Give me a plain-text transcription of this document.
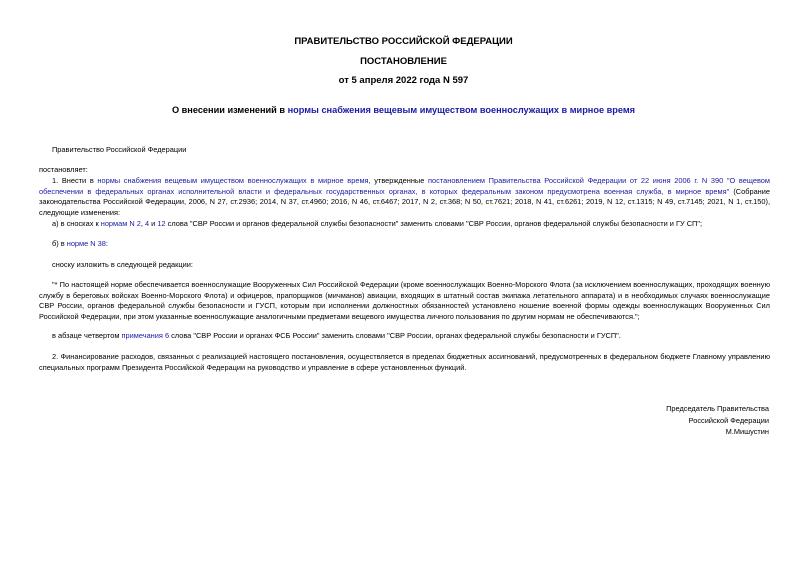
ПРАВИТЕЛЬСТВО РОССИЙСКОЙ ФЕДЕРАЦИИ
ПОСТАНОВЛЕНИЕ
от 5 апреля 2022 года N 597
О внесении изменений в нормы снабжения вещевым имуществом военнослужащих в мирное время
Правительство Российской Федерации
постановляет:
1. Внести в нормы снабжения вещевым имуществом военнослужащих в мирное время, утвержденные постановлением Правительства Российской Федерации от 22 июня 2006 г. N 390 "О вещевом обеспечении в федеральных органах исполнительной власти и федеральных государственных органах, в которых федеральным законом предусмотрена военная служба, в мирное время" (Собрание законодательства Российской Федерации, 2006, N 27, ст.2936; 2014, N 37, ст.4960; 2016, N 46, ст.6467; 2017, N 2, ст.368; N 50, ст.7621; 2018, N 41, ст.6261; 2019, N 12, ст.1315; N 49, ст.7145; 2021, N 1, ст.150), следующие изменения:
а) в сносках к нормам N 2, 4 и 12 слова "СВР России и органов федеральной службы безопасности" заменить словами "СВР России, органов федеральной службы безопасности и ГУ СП";
б) в норме N 38:
сноску изложить в следующей редакции:
"* По настоящей норме обеспечивается военнослужащие Вооруженных Сил Российской Федерации (кроме военнослужащих Военно-Морского Флота (за исключением военнослужащих, проходящих военную службу в береговых войсках Военно-Морского Флота) и офицеров, прапорщиков (мичманов) авиации, входящих в штатный состав экипажа летательного аппарата) и в необходимых случаях военнослужащие СВР России, органов федеральной службы безопасности и ГУСП, которым при исполнении должностных обязанностей установлено ношение военной формы одежды военнослужащих Вооруженных Сил Российской Федерации, при этом указанные военнослужащие аналогичными предметами вещевого имущества личного пользования по другим нормам не обеспечиваются.";
в абзаце четвертом примечания 6 слова "СВР России и органах ФСБ России" заменить словами "СВР России, органах федеральной службы безопасности и ГУСП".
2. Финансирование расходов, связанных с реализацией настоящего постановления, осуществляется в пределах бюджетных ассигнований, предусмотренных в федеральном бюджете Главному управлению специальных программ Президента Российской Федерации на руководство и управление в сфере установленных функций.
Председатель Правительства
Российской Федерации
М.Мишустин
